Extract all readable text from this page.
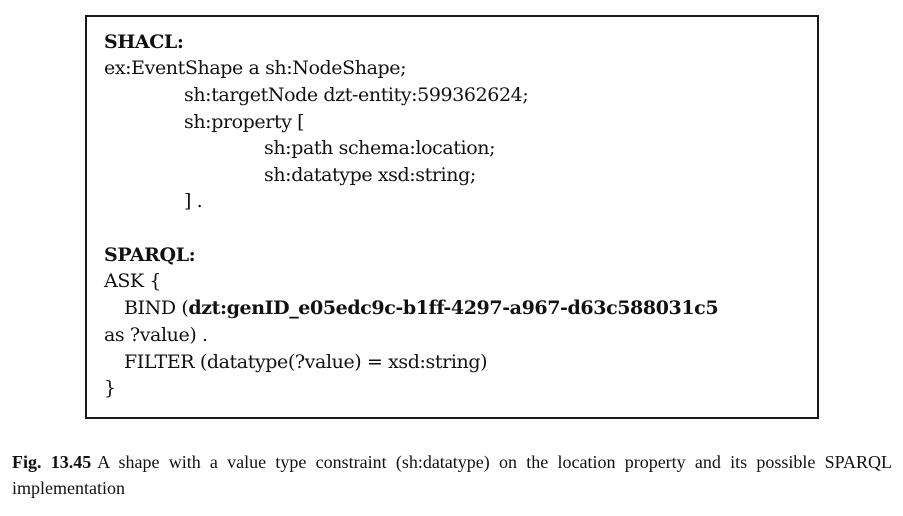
SHACL:
ex:EventShape a sh:NodeShape;
sh:targetNode dzt-entity:599362624;
sh:property [
sh:path schema:location;
sh:datatype xsd:string;
] .
SPARQL:
ASK {
BIND (dzt:genID_e05edc9c-b1ff-4297-a967-d63c588031c5
as ?value) .
FILTER (datatype(?value) = xsd:string)
}
Fig. 13.45 A shape with a value type constraint (sh:datatype) on the location property and its possible SPARQL implementation
